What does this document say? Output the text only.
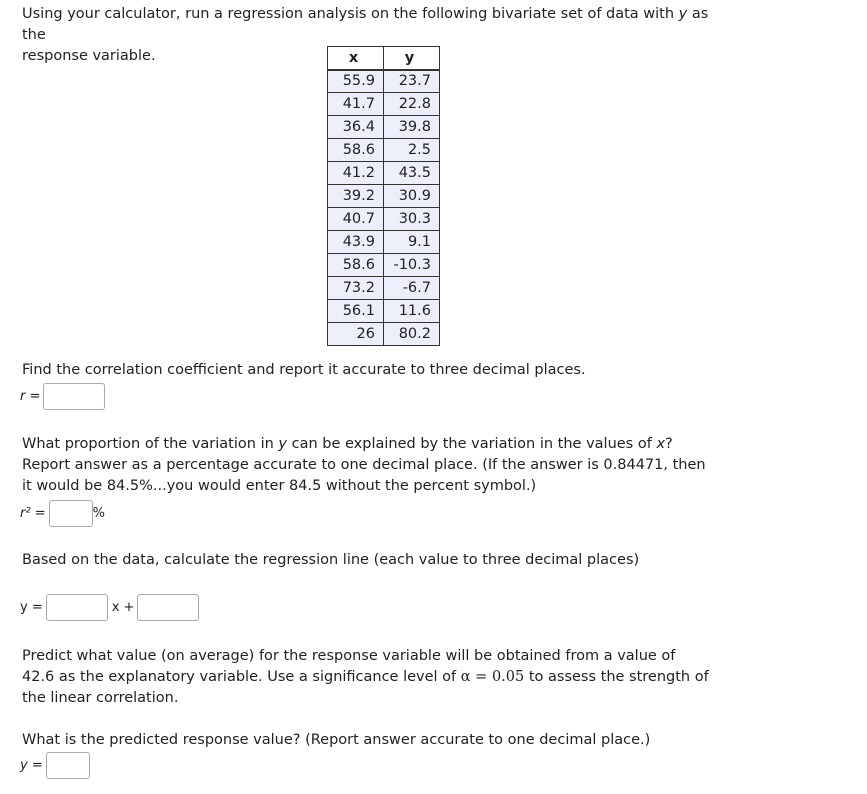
Using your calculator, run a regression analysis on the following bivariate set of data with y as the
response variable.	x	y
55.9	23.7
41.7	22.8
36.4	39.8
58.6	2.5
41.2	43.5
39.2	30.9
40.7	30.3
43.9	9.1
58.6	-10.3
73.2	-6.7
56.1	11.6
26	80.2

Find the correlation coefficient and report it accurate to three decimal places.

r =

What proportion of the variation in y can be explained by the variation in the values of x? Report answer as a percentage accurate to one decimal place. (If the answer is 0.84471, then it would be 84.5%...you would enter 84.5 without the percent symbol.)

r² =	%

Based on the data, calculate the regression line (each value to three decimal places)

y =	x +

Predict what value (on average) for the response variable will be obtained from a value of 42.6 as the explanatory variable. Use a significance level of α = 0.05 to assess the strength of the linear correlation.

What is the predicted response value? (Report answer accurate to one decimal place.)

y =
